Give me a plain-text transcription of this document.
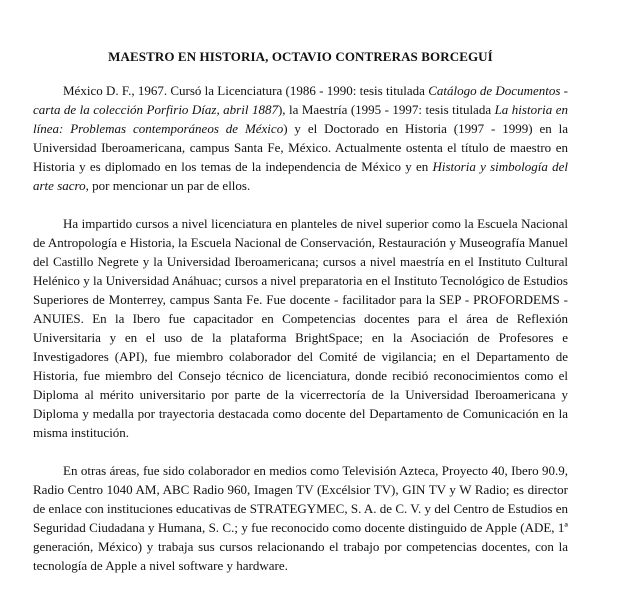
MAESTRO EN HISTORIA, OCTAVIO CONTRERAS BORCEGUÍ

México D. F., 1967. Cursó la Licenciatura (1986 - 1990: tesis titulada Catálogo de Documentos - carta de la colección Porfirio Díaz, abril 1887), la Maestría (1995 - 1997: tesis titulada La historia en línea: Problemas contemporáneos de México) y el Doctorado en Historia (1997 - 1999) en la Universidad Iberoamericana, campus Santa Fe, México. Actualmente ostenta el título de maestro en Historia y es diplomado en los temas de la independencia de México y en Historia y simbología del arte sacro, por mencionar un par de ellos.

Ha impartido cursos a nivel licenciatura en planteles de nivel superior como la Escuela Nacional de Antropología e Historia, la Escuela Nacional de Conservación, Restauración y Museografía Manuel del Castillo Negrete y la Universidad Iberoamericana; cursos a nivel maestría en el Instituto Cultural Helénico y la Universidad Anáhuac; cursos a nivel preparatoria en el Instituto Tecnológico de Estudios Superiores de Monterrey, campus Santa Fe. Fue docente - facilitador para la SEP - PROFORDEMS - ANUIES. En la Ibero fue capacitador en Competencias docentes para el área de Reflexión Universitaria y en el uso de la plataforma BrightSpace; en la Asociación de Profesores e Investigadores (API), fue miembro colaborador del Comité de vigilancia; en el Departamento de Historia, fue miembro del Consejo técnico de licenciatura, donde recibió reconocimientos como el Diploma al mérito universitario por parte de la vicerrectoría de la Universidad Iberoamericana y Diploma y medalla por trayectoria destacada como docente del Departamento de Comunicación en la misma institución.

En otras áreas, fue sido colaborador en medios como Televisión Azteca, Proyecto 40, Ibero 90.9, Radio Centro 1040 AM, ABC Radio 960, Imagen TV (Excélsior TV), GIN TV y W Radio; es director de enlace con instituciones educativas de STRATEGYMEC, S. A. de C. V. y del Centro de Estudios en Seguridad Ciudadana y Humana, S. C.; y fue reconocido como docente distinguido de Apple (ADE, 1ª generación, México) y trabaja sus cursos relacionando el trabajo por competencias docentes, con la tecnología de Apple a nivel software y hardware.
